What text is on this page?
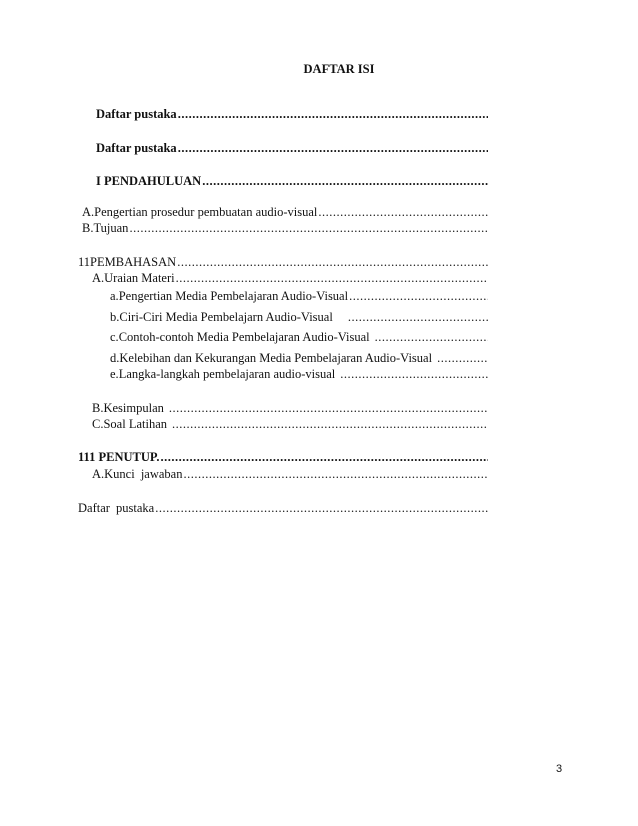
DAFTAR ISI
Daftar pustaka
.....
Daftar pustaka
.....
I PENDAHULUAN
.....
A. Pengertian prosedur pembuatan audio-visual
.....
B. Tujuan
.....
11 PEMBAHASAN
.....
A. Uraian Materi
.....
a. Pengertian Media Pembelajaran Audio-Visual
.....
b. Ciri-Ciri Media Pembelajarn Audio-Visual
.....
c. Contoh-contoh Media Pembelajaran Audio-Visual
.....
d. Kelebihan dan Kekurangan Media Pembelajaran Audio-Visual
.....
e. Langka-langkah pembelajaran audio-visual
.....
B. Kesimpulan
.....
C. Soal Latihan
.....
111 PENUTUP.
.....
A. Kunci jawaban
.....
Daftar pustaka
.....
3
